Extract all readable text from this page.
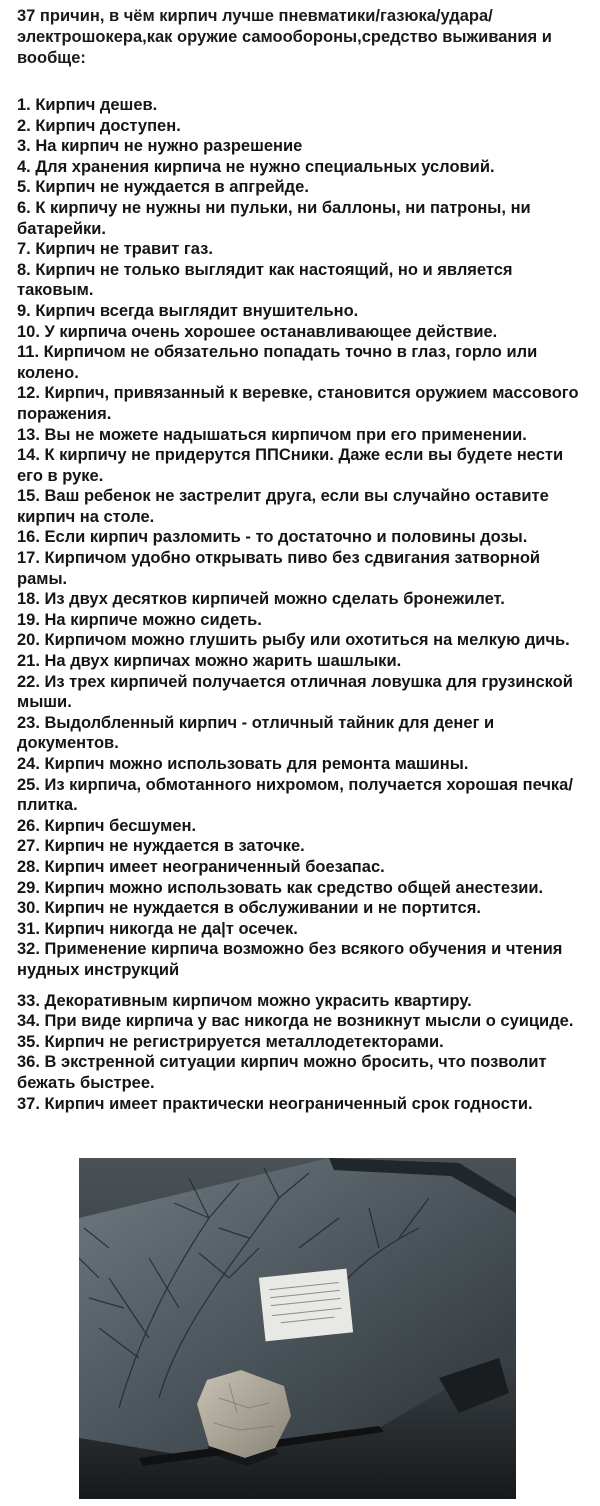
37 причин, в чём кирпич лучше пневматики/газюка/удара/электрошокера,как оружие самообороны,средство выживания и вообще:
1. Кирпич дешев.
2. Кирпич доступен.
3. На кирпич не нужно разрешение
4. Для хранения кирпича не нужно специальных условий.
5. Кирпич не нуждается в апгрейде.
6. К кирпичу не нужны ни пульки, ни баллоны, ни патроны, ни батарейки.
7. Кирпич не травит газ.
8. Кирпич не только выглядит как настоящий, но и является таковым.
9. Кирпич всегда выглядит внушительно.
10. У кирпича очень хорошее останавливающее действие.
11. Кирпичом не обязательно попадать точно в глаз, горло или колено.
12. Кирпич, привязанный к веревке, становится оружием массового поражения.
13. Вы не можете надышаться кирпичом при его применении.
14. К кирпичу не придерутся ППСники. Даже если вы будете нести его в руке.
15. Ваш ребенок не застрелит друга, если вы случайно оставите кирпич на столе.
16. Если кирпич разломить - то достаточно и половины дозы.
17. Кирпичом удобно открывать пиво без сдвигания затворной рамы.
18. Из двух десятков кирпичей можно сделать бронежилет.
19. На кирпиче можно сидеть.
20. Кирпичом можно глушить рыбу или охотиться на мелкую дичь.
21. На двух кирпичах можно жарить шашлыки.
22. Из трех кирпичей получается отличная ловушка для грузинской мыши.
23. Выдолбленный кирпич - отличный тайник для денег и документов.
24. Кирпич можно использовать для ремонта машины.
25. Из кирпича, обмотанного нихромом, получается хорошая печка/плитка.
26. Кирпич бесшумен.
27. Кирпич не нуждается в заточке.
28. Кирпич имеет неограниченный боезапас.
29. Кирпич можно использовать как средство общей анестезии.
30. Кирпич не нуждается в обслуживании и не портится.
31. Кирпич никогда не да|т осечек.
32. Применение кирпича возможно без всякого обучения и чтения нудных инструкций
33. Декоративным кирпичом можно украсить квартиру.
34. При виде кирпича у вас никогда не возникнут мысли о суициде.
35. Кирпич не регистрируется металлодетекторами.
36. В экстренной ситуации кирпич можно бросить, что позволит бежать быстрее.
37. Кирпич имеет практически неограниченный срок годности.
